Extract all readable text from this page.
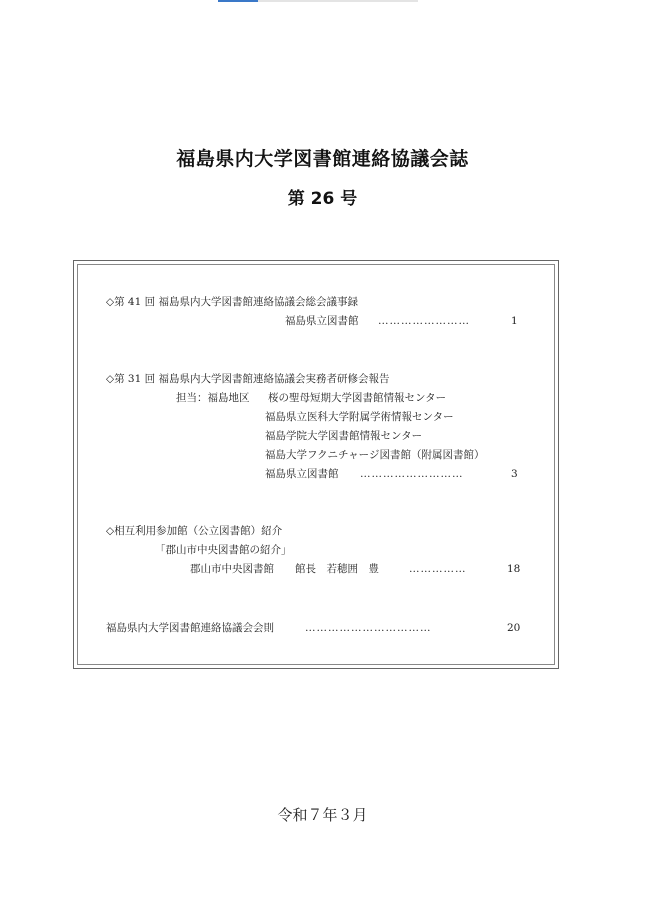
福島県内大学図書館連絡協議会誌
第 26 号
◇第 41 回 福島県内大学図書館連絡協議会総会議事録
福島県立図書館 ……………………	1
◇第 31 回 福島県内大学図書館連絡協議会実務者研修会報告
担当：福島地区 桜の聖母短期大学図書館情報センター
福島県立医科大学附属学術情報センター
福島学院大学図書館情報センター
福島大学フクニチャージ図書館（附属図書館）
福島県立図書館 ………………………	3
◇相互利用参加館（公立図書館）紹介
「郡山市中央図書館の紹介」
郡山市中央図書館　　館長　若穂囲　豊	……………	18
福島県内大学図書館連絡協議会会則	……………………………	20
令和７年３月
